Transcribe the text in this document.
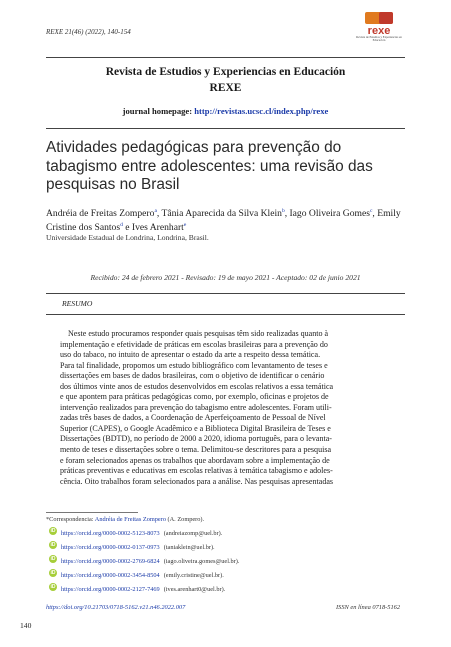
REXE 21(46) (2022), 140-154	rexe
Revista de Estudios y Experiencias en Educación
Revista de Estudios y Experiencias en Educación
REXE
journal homepage: http://revistas.ucsc.cl/index.php/rexe
Atividades pedagógicas para prevenção do tabagismo entre adolescentes: uma revisão das pesquisas no Brasil
Andréia de Freitas Zompero$^a$, Tânia Aparecida da Silva Klein$^b$, Iago Oliveira Gomes$^c$, Emily Cristine dos Santos$^d$ e Ives Arenhart$^e$
Universidade Estadual de Londrina, Londrina, Brasil.
Recibido: 24 de febrero 2021 - Revisado: 19 de mayo 2021 - Aceptado: 02 de junio 2021
RESUMO
Neste estudo procuramos responder quais pesquisas têm sido realizadas quanto à
implementação e efetividade de práticas em escolas brasileiras para a prevenção do
uso do tabaco, no intuito de apresentar o estado da arte a respeito dessa temática.
Para tal finalidade, propomos um estudo bibliográfico com levantamento de teses e
dissertações em bases de dados brasileiras, com o objetivo de identificar o cenário
dos últimos vinte anos de estudos desenvolvidos em escolas relativos a essa temática
e que apontem para práticas pedagógicas como, por exemplo, oficinas e projetos de
intervenção realizados para prevenção do tabagismo entre adolescentes. Foram utili-
zadas três bases de dados, a Coordenação de Aperfeiçoamento de Pessoal de Nível
Superior (CAPES), o Google Acadêmico e a Biblioteca Digital Brasileira de Teses e
Dissertações (BDTD), no período de 2000 a 2020, idioma português, para o levanta-
mento de teses e dissertações sobre o tema. Delimitou-se descritores para a pesquisa
e foram selecionados apenas os trabalhos que abordavam sobre a implementação de
práticas preventivas e educativas em escolas relativas à temática tabagismo e adoles-
cência. Oito trabalhos foram selecionados para a análise. Nas pesquisas apresentadas
*Correspondencia: Andréia de Freitas Zompero (A. Zompero).
iD https://orcid.org/0000-0002-5123-8073 (andreiazomp@uel.br).
iD https://orcid.org/0000-0002-0137-0973 (taniaklein@uel.br).
iD https://orcid.org/0000-0002-2769-6824 (iago.oliveira.gomes@uel.br).
iD https://orcid.org/0000-0002-3454-8504 (emily.cristine@uel.br).
iD https://orcid.org/0000-0002-2127-7469 (ives.arenhart0@uel.br).
https://doi.org/10.21703/0718-5162.v21.n46.2022.007	ISSN en línea 0718-5162
140
